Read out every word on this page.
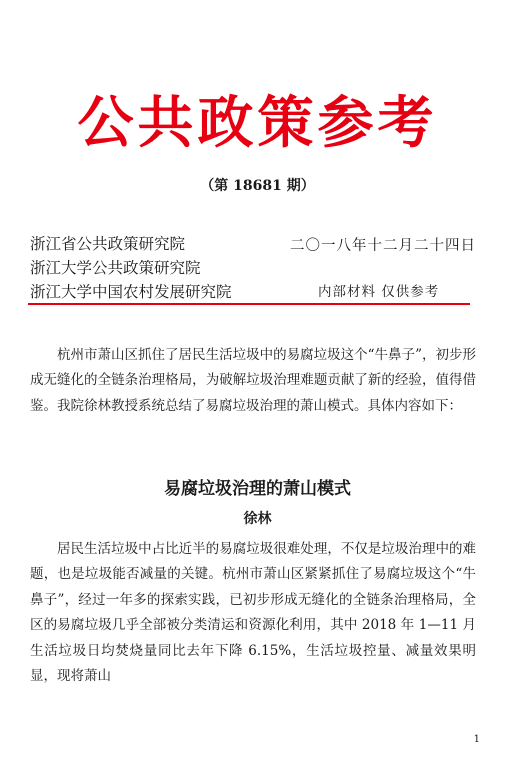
公共政策参考
（第 18681 期）
浙江省公共政策研究院
浙江大学公共政策研究院
浙江大学中国农村发展研究院
二〇一八年十二月二十四日
内部材料 仅供参考

杭州市萧山区抓住了居民生活垃圾中的易腐垃圾这个“牛鼻子”，初步形成无缝化的全链条治理格局，为破解垃圾治理难题贡献了新的经验，值得借鉴。我院徐林教授系统总结了易腐垃圾治理的萧山模式。具体内容如下：

易腐垃圾治理的萧山模式
徐林

居民生活垃圾中占比近半的易腐垃圾很难处理，不仅是垃圾治理中的难题，也是垃圾能否减量的关键。杭州市萧山区紧紧抓住了易腐垃圾这个“牛鼻子”，经过一年多的探索实践，已初步形成无缝化的全链条治理格局，全区的易腐垃圾几乎全部被分类清运和资源化利用，其中 2018 年 1—11 月生活垃圾日均焚烧量同比去年下降 6.15%，生活垃圾控量、减量效果明显，现将萧山

1
